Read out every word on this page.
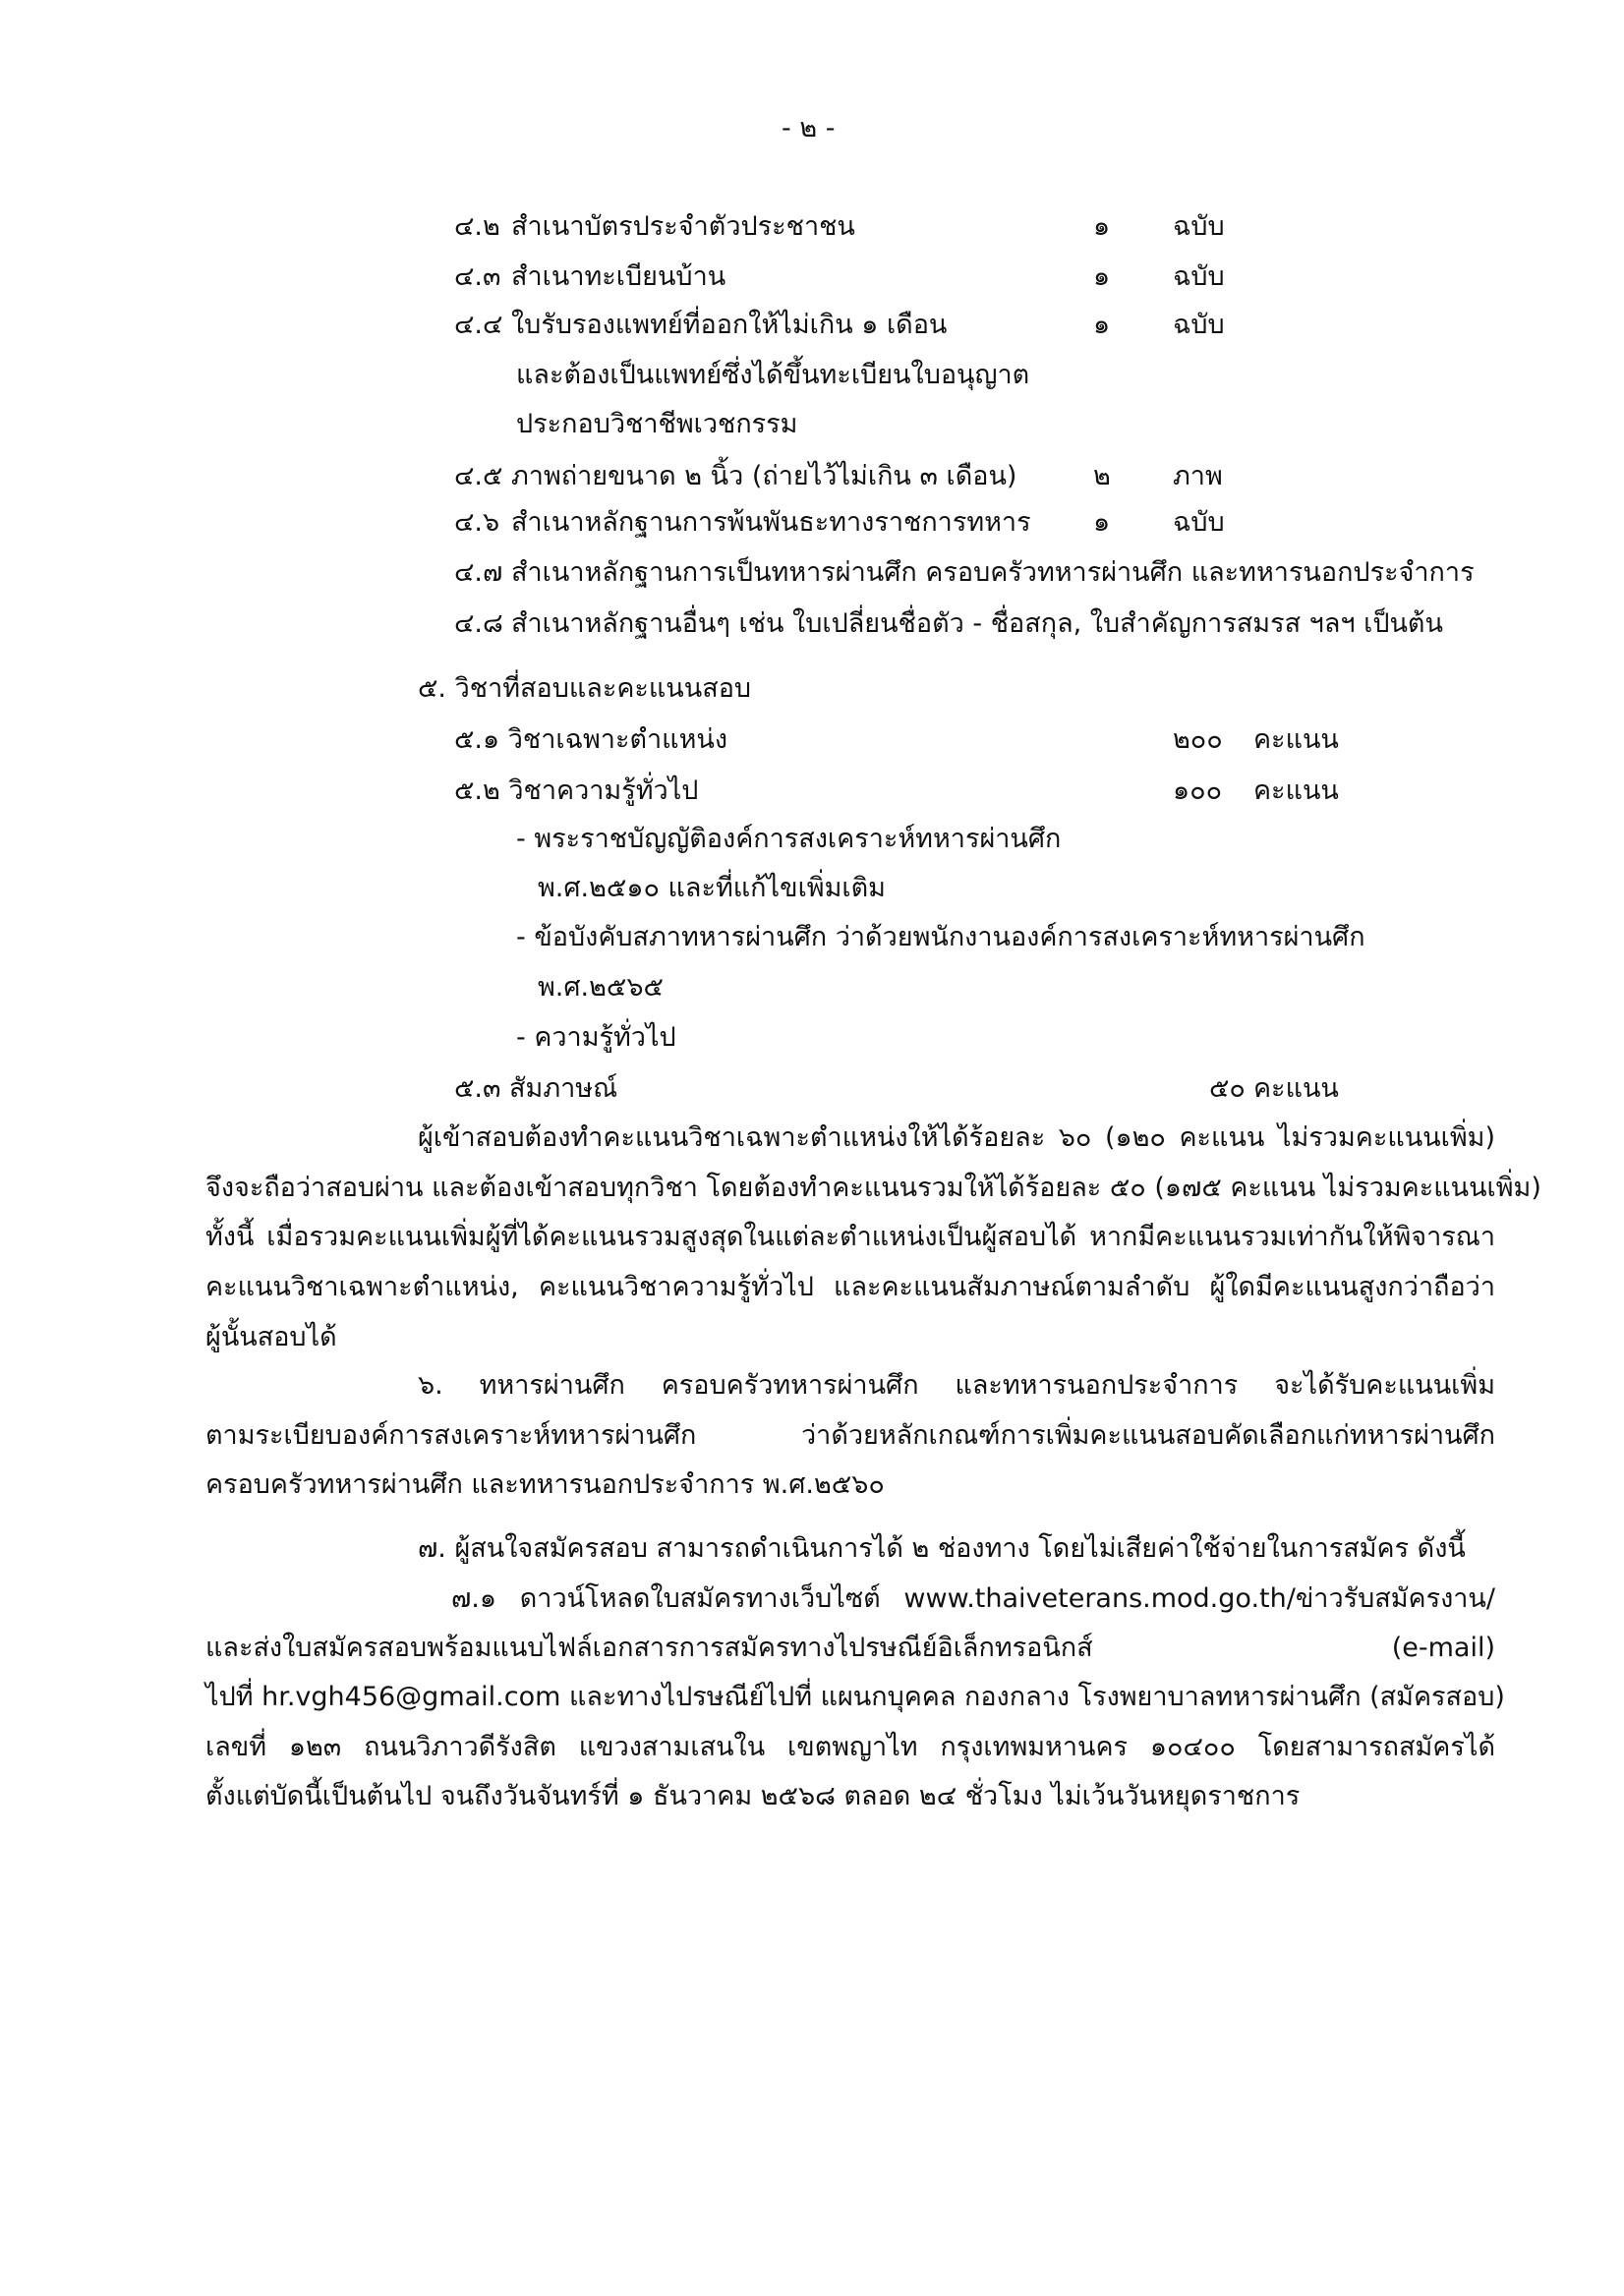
- ๒ -
๔.๒ สำเนาบัตรประจำตัวประชาชน	๑ ฉบับ
๔.๓ สำเนาทะเบียนบ้าน	๑ ฉบับ
๔.๔ ใบรับรองแพทย์ที่ออกให้ไม่เกิน ๑ เดือน	๑ ฉบับ
และต้องเป็นแพทย์ซึ่งได้ขึ้นทะเบียนใบอนุญาต
ประกอบวิชาชีพเวชกรรม
๔.๕ ภาพถ่ายขนาด ๒ นิ้ว (ถ่ายไว้ไม่เกิน ๓ เดือน)	๒ ภาพ
๔.๖ สำเนาหลักฐานการพ้นพันธะทางราชการทหาร ๑ ฉบับ
๔.๗ สำเนาหลักฐานการเป็นทหารผ่านศึก ครอบครัวทหารผ่านศึก และทหารนอกประจำการ
๔.๘ สำเนาหลักฐานอื่นๆ เช่น ใบเปลี่ยนชื่อตัว - ชื่อสกุล, ใบสำคัญการสมรส ฯลฯ เป็นต้น
๕. วิชาที่สอบและคะแนนสอบ
๕.๑ วิชาเฉพาะตำแหน่ง	๒๐๐ คะแนน
๕.๒ วิชาความรู้ทั่วไป	๑๐๐ คะแนน
- พระราชบัญญัติองค์การสงเคราะห์ทหารผ่านศึก
พ.ศ.๒๕๑๐ และที่แก้ไขเพิ่มเติม
- ข้อบังคับสภาทหารผ่านศึก ว่าด้วยพนักงานองค์การสงเคราะห์ทหารผ่านศึก
พ.ศ.๒๕๖๕
- ความรู้ทั่วไป
๕.๓ สัมภาษณ์	๕๐ คะแนน
ผู้เข้าสอบต้องทำคะแนนวิชาเฉพาะตำแหน่งให้ได้ร้อยละ ๖๐ (๑๒๐ คะแนน ไม่รวมคะแนนเพิ่ม)
จึงจะถือว่าสอบผ่าน และต้องเข้าสอบทุกวิชา โดยต้องทำคะแนนรวมให้ได้ร้อยละ ๕๐ (๑๗๕ คะแนน ไม่รวมคะแนนเพิ่ม)
ทั้งนี้ เมื่อรวมคะแนนเพิ่มผู้ที่ได้คะแนนรวมสูงสุดในแต่ละตำแหน่งเป็นผู้สอบได้ หากมีคะแนนรวมเท่ากันให้พิจารณา
คะแนนวิชาเฉพาะตำแหน่ง, คะแนนวิชาความรู้ทั่วไป และคะแนนสัมภาษณ์ตามลำดับ ผู้ใดมีคะแนนสูงกว่าถือว่า
ผู้นั้นสอบได้
๖. ทหารผ่านศึก ครอบครัวทหารผ่านศึก และทหารนอกประจำการ จะได้รับคะแนนเพิ่ม
ตามระเบียบองค์การสงเคราะห์ทหารผ่านศึก ว่าด้วยหลักเกณฑ์การเพิ่มคะแนนสอบคัดเลือกแก่ทหารผ่านศึก
ครอบครัวทหารผ่านศึก และทหารนอกประจำการ พ.ศ.๒๕๖๐
๗. ผู้สนใจสมัครสอบ สามารถดำเนินการได้ ๒ ช่องทาง โดยไม่เสียค่าใช้จ่ายในการสมัคร ดังนี้
๗.๑ ดาวน์โหลดใบสมัครทางเว็บไซต์ www.thaiveterans.mod.go.th/ข่าวรับสมัครงาน/
และส่งใบสมัครสอบพร้อมแนบไฟล์เอกสารการสมัครทางไปรษณีย์อิเล็กทรอนิกส์ (e-mail)
ไปที่ hr.vgh456@gmail.com และทางไปรษณีย์ไปที่ แผนกบุคคล กองกลาง โรงพยาบาลทหารผ่านศึก (สมัครสอบ)
เลขที่ ๑๒๓ ถนนวิภาวดีรังสิต แขวงสามเสนใน เขตพญาไท กรุงเทพมหานคร ๑๐๔๐๐ โดยสามารถสมัครได้
ตั้งแต่บัดนี้เป็นต้นไป จนถึงวันจันทร์ที่ ๑ ธันวาคม ๒๕๖๘ ตลอด ๒๔ ชั่วโมง ไม่เว้นวันหยุดราชการ
